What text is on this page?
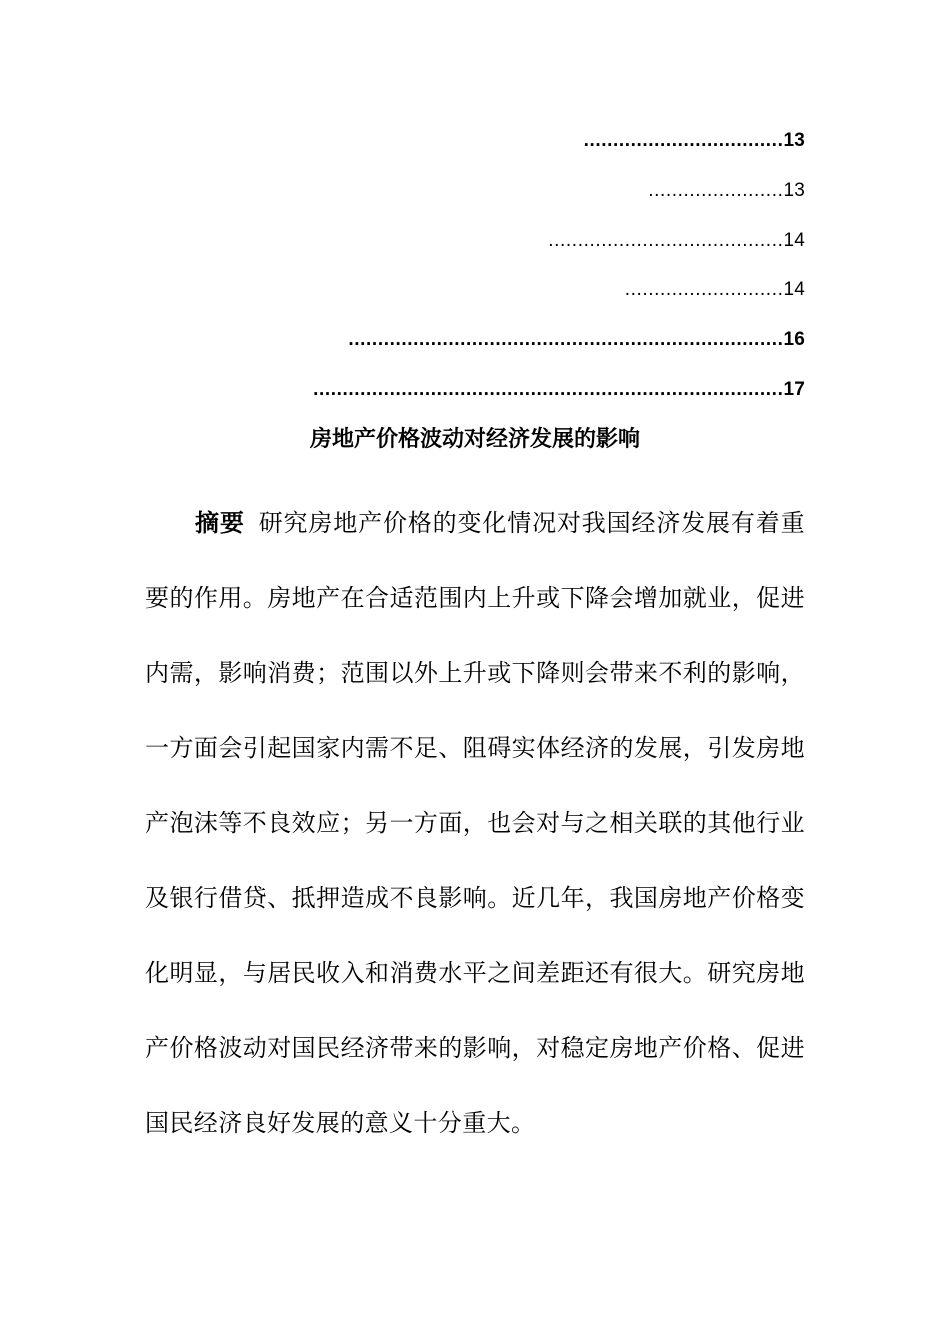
..................................13
.......................13
........................................14
...........................14
..........................................................................16
................................................................................17
房地产价格波动对经济发展的影响
摘要 研究房地产价格的变化情况对我国经济发展有着重要的作用。房地产在合适范围内上升或下降会增加就业，促进内需，影响消费；范围以外上升或下降则会带来不利的影响，一方面会引起国家内需不足、阻碍实体经济的发展，引发房地产泡沫等不良效应；另一方面，也会对与之相关联的其他行业及银行借贷、抵押造成不良影响。近几年，我国房地产价格变化明显，与居民收入和消费水平之间差距还有很大。研究房地产价格波动对国民经济带来的影响，对稳定房地产价格、促进国民经济良好发展的意义十分重大。
